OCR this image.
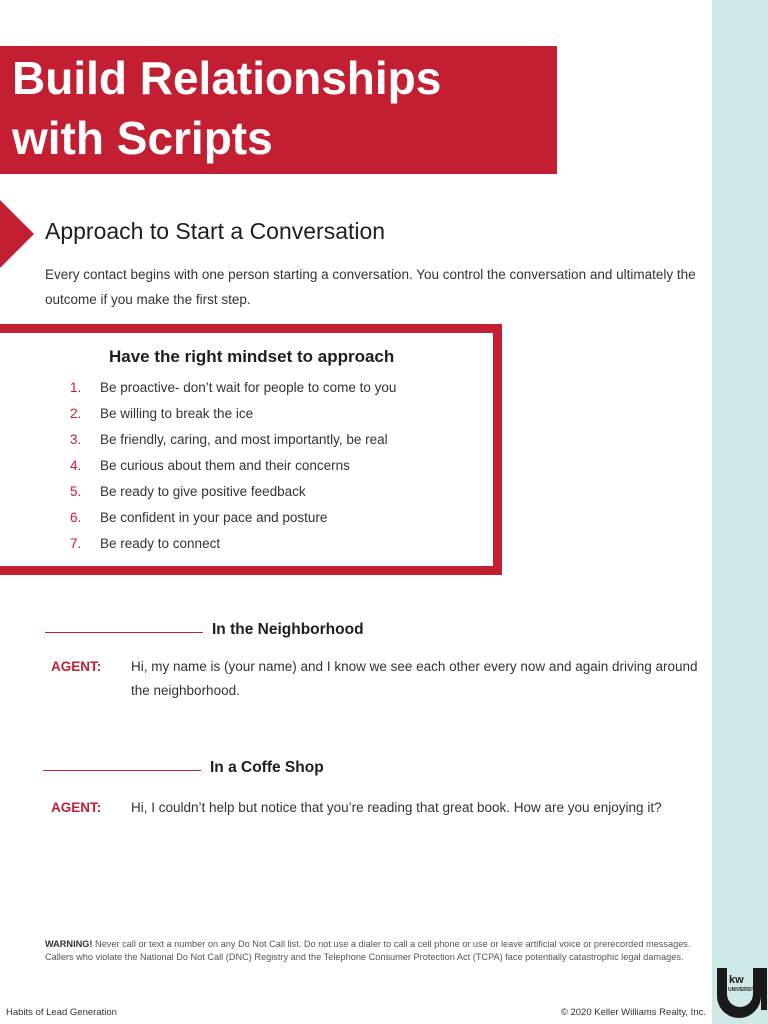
Build Relationships
with Scripts
Approach to Start a Conversation
Every contact begins with one person starting a conversation. You control the conversation and ultimately the outcome if you make the first step.
Have the right mindset to approach
1. Be proactive- don’t wait for people to come to you
2. Be willing to break the ice
3. Be friendly, caring, and most importantly, be real
4. Be curious about them and their concerns
5. Be ready to give positive feedback
6. Be confident in your pace and posture
7. Be ready to connect
In the Neighborhood
AGENT: Hi, my name is (your name) and I know we see each other every now and again driving around the neighborhood.
In a Coffe Shop
AGENT: Hi, I couldn’t help but notice that you’re reading that great book. How are you enjoying it?
WARNING! Never call or text a number on any Do Not Call list. Do not use a dialer to call a cell phone or use or leave artificial voice or prerecorded messages. Callers who violate the National Do Not Call (DNC) Registry and the Telephone Consumer Protection Act (TCPA) face potentially catastrophic legal damages.
Habits of Lead Generation	© 2020 Keller Williams Realty, Inc.
kw
UNIVERSITY
